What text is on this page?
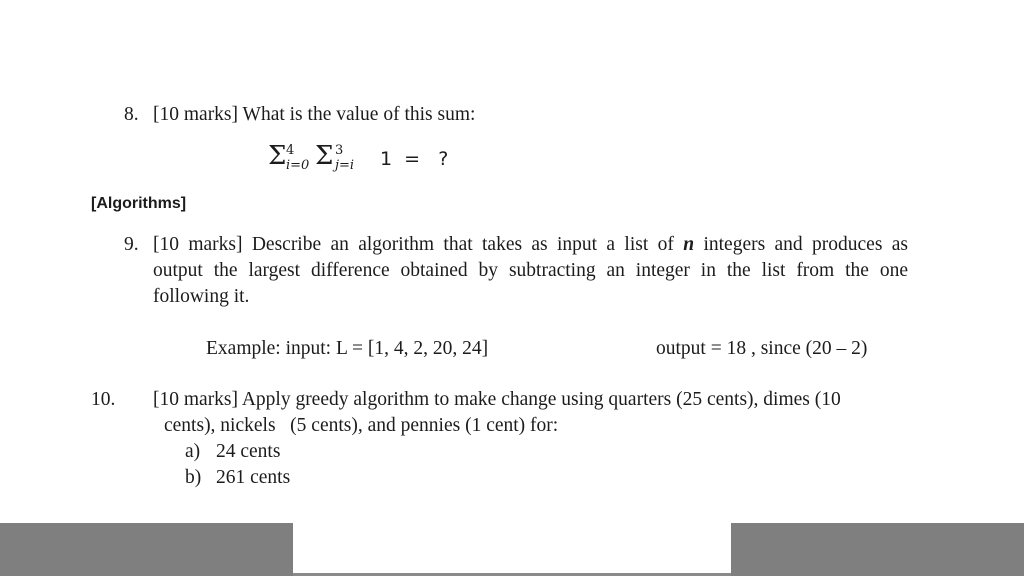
8. [10 marks] What is the value of this sum:
Σ 4
i=0 Σ 3
j=i 1  =   ?
[Algorithms]
9. [10 marks] Describe an algorithm that takes as input a list of n integers and produces as
output the largest difference obtained by subtracting an integer in the list from the one
following it.
Example: input: L = [1, 4, 2, 20, 24]	output = 18 , since (20 – 2)
10. [10 marks] Apply greedy algorithm to make change using quarters (25 cents), dimes (10
cents), nickels   (5 cents), and pennies (1 cent) for:
a) 24 cents
b) 261 cents
